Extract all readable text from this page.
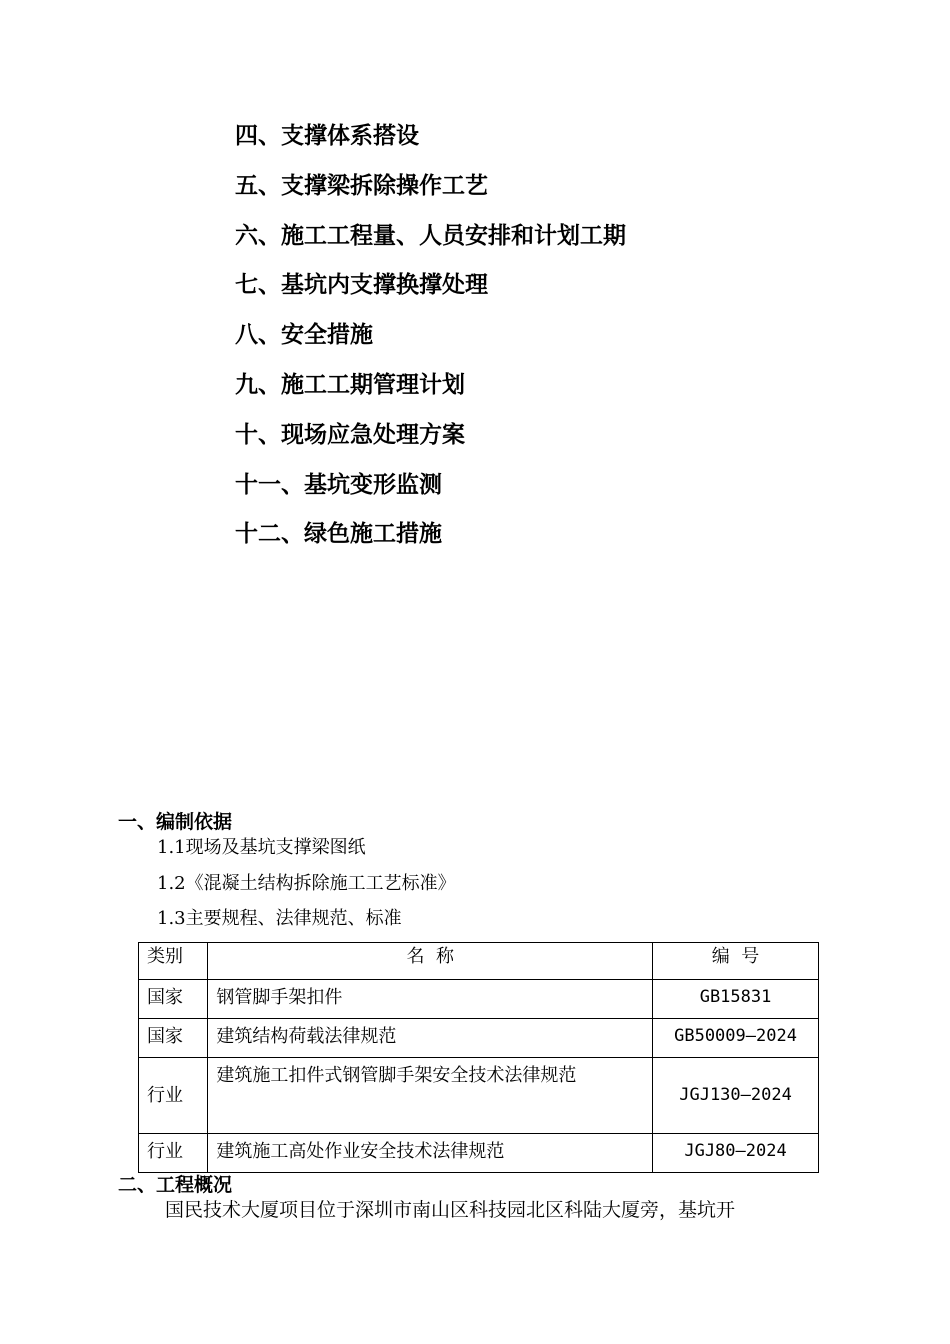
四、支撑体系搭设
五、支撑梁拆除操作工艺
六、施工工程量、人员安排和计划工期
七、基坑内支撑换撑处理
八、安全措施
九、施工工期管理计划
十、现场应急处理方案
十一、基坑变形监测
十二、绿色施工措施
一、编制依据
1.1现场及基坑支撑梁图纸
1.2《混凝土结构拆除施工工艺标准》
1.3主要规程、法律规范、标准
类别	名  称	编  号
国家	钢管脚手架扣件	GB15831
国家	建筑结构荷载法律规范	GB50009—2024
行业	建筑施工扣件式钢管脚手架安全技术法律规范	JGJ130—2024
行业	建筑施工高处作业安全技术法律规范	JGJ80—2024
二、工程概况
国民技术大厦项目位于深圳市南山区科技园北区科陆大厦旁，基坑开
